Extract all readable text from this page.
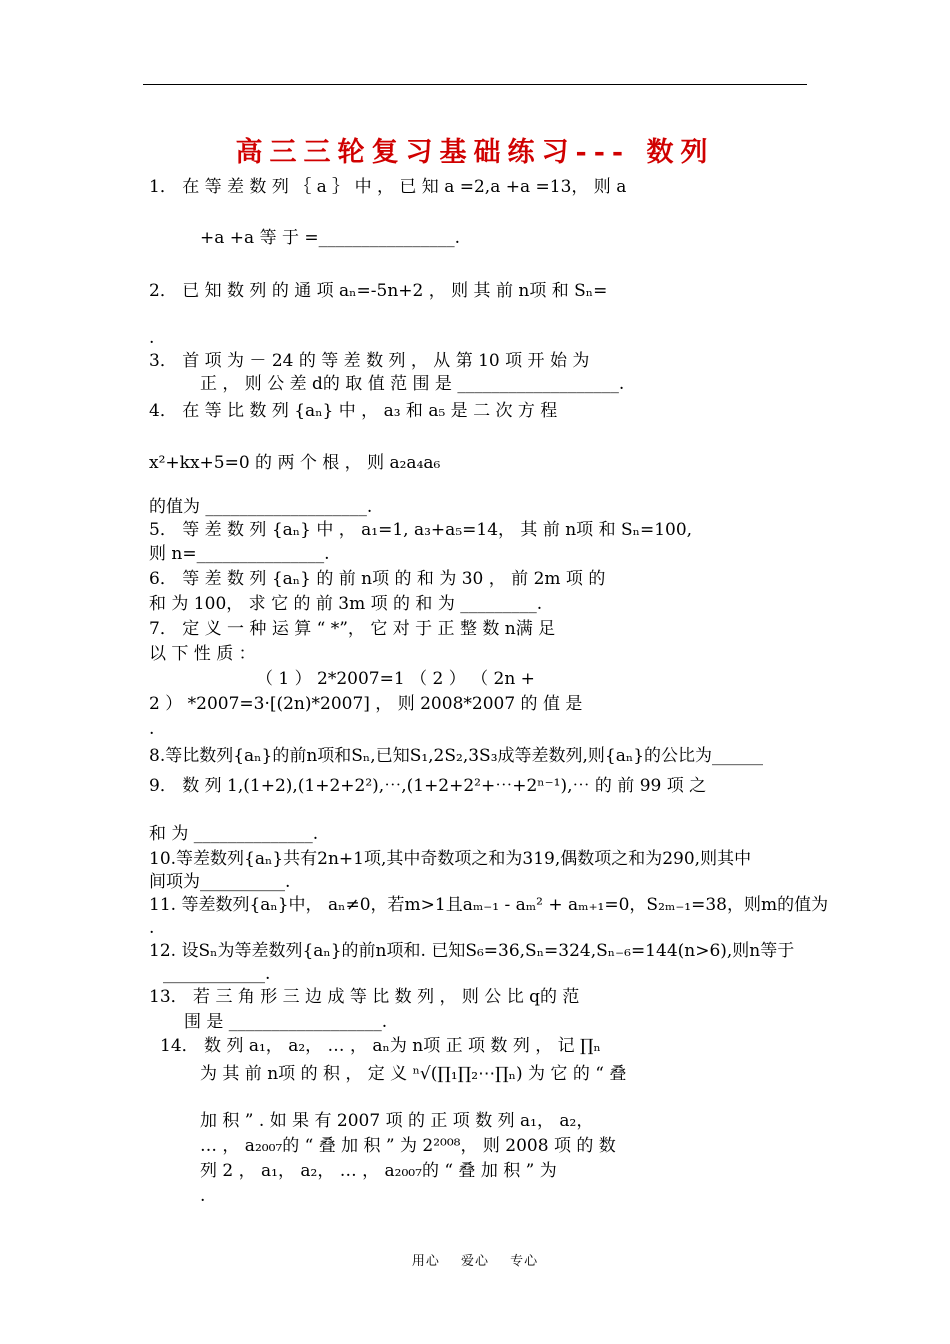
高三三轮复习基础练习--- 数列
1． 在 等 差 数 列 ｛ a ｝ 中 ， 已 知 a =2,a +a =13， 则 a
+a +a 等 于 =________________.
2． 已 知 数 列 的 通 项 aₙ=-5n+2 ， 则 其 前 n项 和 Sₙ=
.
3． 首 项 为 － 24 的 等 差 数 列 ， 从 第 10 项 开 始 为
正 ， 则 公 差 d的 取 值 范 围 是 ___________________.
4． 在 等 比 数 列 {aₙ} 中 ， a₃ 和 a₅ 是 二 次 方 程
x²+kx+5=0 的 两 个 根 ， 则 a₂a₄a₆
的值为 ___________________.
5． 等 差 数 列 {aₙ} 中 ， a₁=1, a₃+a₅=14， 其 前 n项 和 Sₙ=100,
则 n=_______________.
6． 等 差 数 列 {aₙ} 的 前 n项 的 和 为 30 ， 前 2m 项 的
和 为 100， 求 它 的 前 3m 项 的 和 为 _________.
7． 定 义 一 种 运 算 “ *”， 它 对 于 正 整 数 n满 足
以 下 性 质 ：
（ 1 ） 2*2007=1 （ 2 ） （ 2n +
2 ） *2007=3·[(2n)*2007] ， 则 2008*2007 的 值 是
.
8.等比数列{aₙ}的前n项和Sₙ,已知S₁,2S₂,3S₃成等差数列,则{aₙ}的公比为______
9． 数 列 1,(1+2),(1+2+2²),⋯,(1+2+2²+⋯+2ⁿ⁻¹),⋯ 的 前 99 项 之
和 为 ______________.
10.等差数列{aₙ}共有2n+1项,其中奇数项之和为319,偶数项之和为290,则其中
间项为__________.
11. 等差数列{aₙ}中， aₙ≠0，若m>1且aₘ₋₁ - aₘ² + aₘ₊₁=0，S₂ₘ₋₁=38，则m的值为
.
12. 设Sₙ为等差数列{aₙ}的前n项和. 已知S₆=36,Sₙ=324,Sₙ₋₆=144(n>6),则n等于
____________.
13． 若 三 角 形 三 边 成 等 比 数 列 ， 则 公 比 q的 范
围 是 __________________.
14． 数 列 a₁， a₂， … ， aₙ为 n项 正 项 数 列 ， 记 ∏ₙ
为 其 前 n项 的 积 ， 定 义 ⁿ√(∏₁∏₂⋯∏ₙ) 为 它 的 “ 叠
加 积 ” . 如 果 有 2007 项 的 正 项 数 列 a₁， a₂，
… ， a₂₀₀₇的 “ 叠 加 积 ” 为 2²⁰⁰⁸， 则 2008 项 的 数
列 2 ， a₁， a₂， … ， a₂₀₀₇的 “ 叠 加 积 ” 为
.
用心 爱心 专心
